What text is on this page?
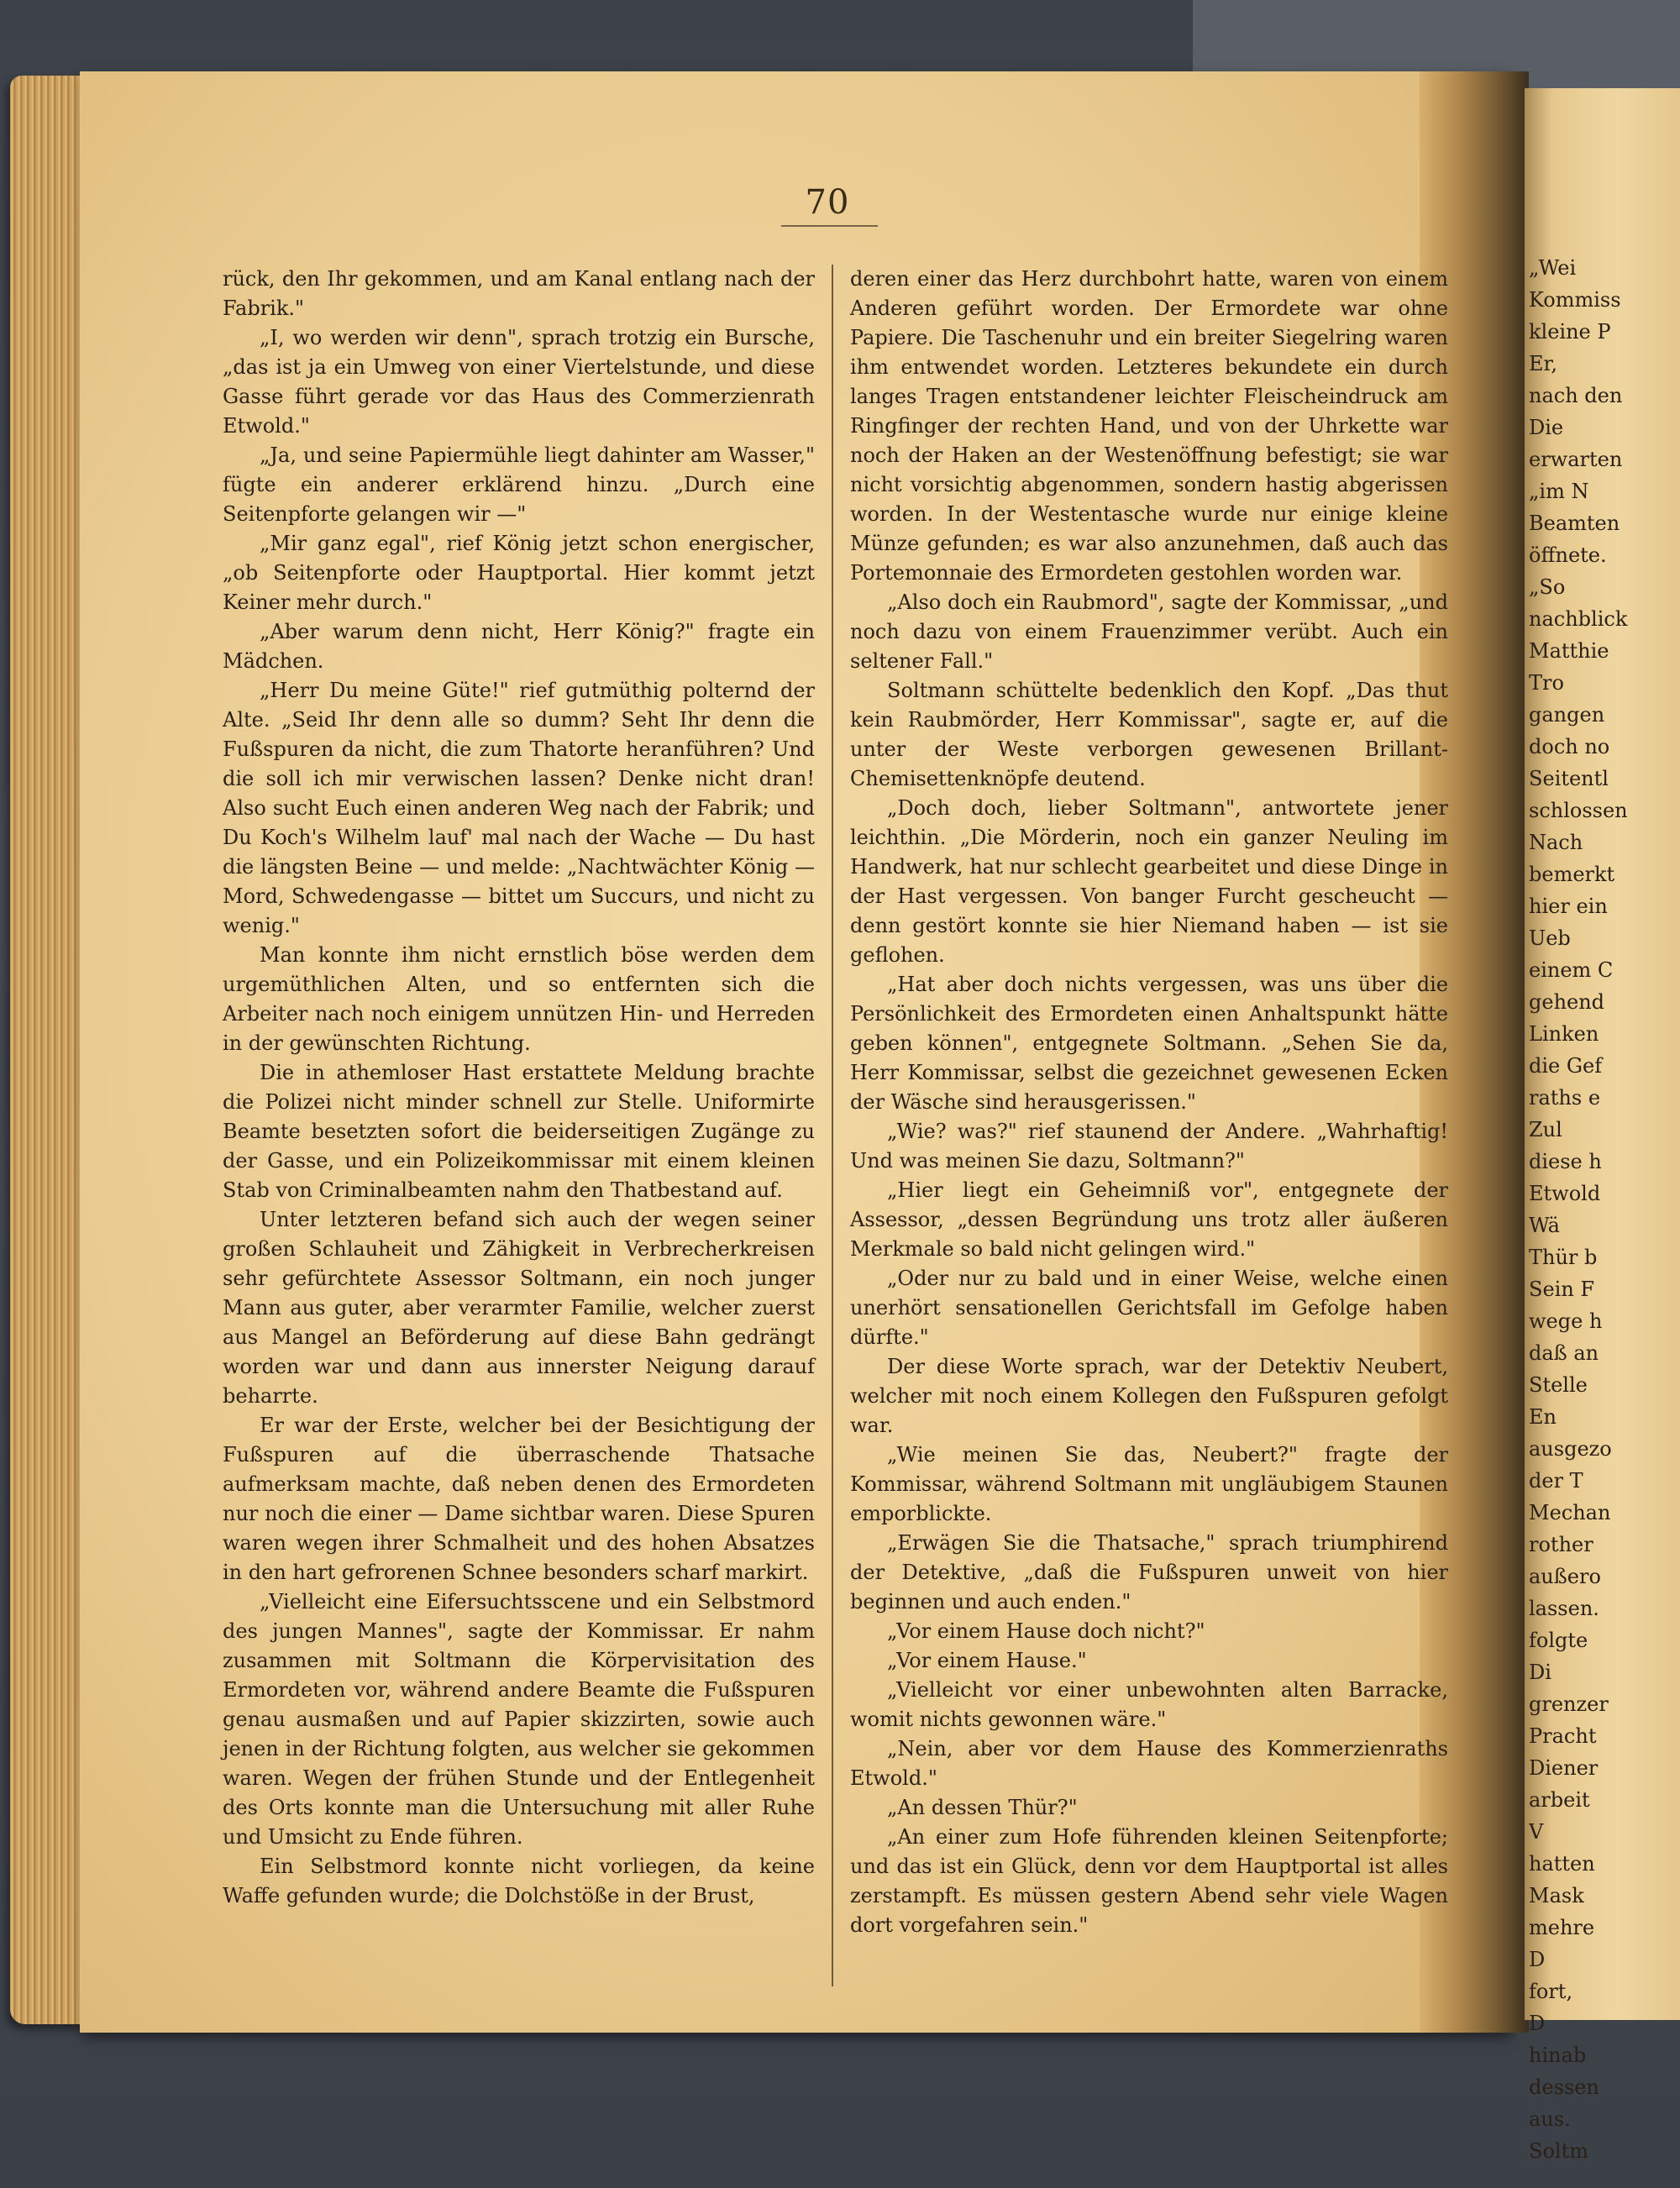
70

rück, den Ihr gekommen, und am Kanal entlang nach der Fabrik."

„I, wo werden wir denn", sprach trotzig ein Bursche, „das ist ja ein Umweg von einer Viertelstunde, und diese Gasse führt gerade vor das Haus des Commerzienrath Etwold."

„Ja, und seine Papiermühle liegt dahinter am Wasser," fügte ein anderer erklärend hinzu. „Durch eine Seitenpforte gelangen wir —"

„Mir ganz egal", rief König jetzt schon energischer, „ob Seitenpforte oder Hauptportal. Hier kommt jetzt Keiner mehr durch."

„Aber warum denn nicht, Herr König?" fragte ein Mädchen.

„Herr Du meine Güte!" rief gutmüthig polternd der Alte. „Seid Ihr denn alle so dumm? Seht Ihr denn die Fußspuren da nicht, die zum Thatorte heranführen? Und die soll ich mir verwischen lassen? Denke nicht dran! Also sucht Euch einen anderen Weg nach der Fabrik; und Du Koch's Wilhelm lauf' mal nach der Wache — Du hast die längsten Beine — und melde: „Nachtwächter König — Mord, Schwedengasse — bittet um Succurs, und nicht zu wenig."

Man konnte ihm nicht ernstlich böse werden dem urgemüthlichen Alten, und so entfernten sich die Arbeiter nach noch einigem unnützen Hin- und Herreden in der gewünschten Richtung.

Die in athemloser Hast erstattete Meldung brachte die Polizei nicht minder schnell zur Stelle. Uniformirte Beamte besetzten sofort die beiderseitigen Zugänge zu der Gasse, und ein Polizeikommissar mit einem kleinen Stab von Criminalbeamten nahm den Thatbestand auf.

Unter letzteren befand sich auch der wegen seiner großen Schlauheit und Zähigkeit in Verbrecherkreisen sehr gefürchtete Assessor Soltmann, ein noch junger Mann aus guter, aber verarmter Familie, welcher zuerst aus Mangel an Beförderung auf diese Bahn gedrängt worden war und dann aus innerster Neigung darauf beharrte.

Er war der Erste, welcher bei der Besichtigung der Fußspuren auf die überraschende Thatsache aufmerksam machte, daß neben denen des Ermordeten nur noch die einer — Dame sichtbar waren. Diese Spuren waren wegen ihrer Schmalheit und des hohen Absatzes in den hart gefrorenen Schnee besonders scharf markirt.

„Vielleicht eine Eifersuchtsscene und ein Selbstmord des jungen Mannes", sagte der Kommissar. Er nahm zusammen mit Soltmann die Körpervisitation des Ermordeten vor, während andere Beamte die Fußspuren genau ausmaßen und auf Papier skizzirten, sowie auch jenen in der Richtung folgten, aus welcher sie gekommen waren. Wegen der frühen Stunde und der Entlegenheit des Orts konnte man die Untersuchung mit aller Ruhe und Umsicht zu Ende führen.

Ein Selbstmord konnte nicht vorliegen, da keine Waffe gefunden wurde; die Dolchstöße in der Brust,

deren einer das Herz durchbohrt hatte, waren von einem Anderen geführt worden. Der Ermordete war ohne Papiere. Die Taschenuhr und ein breiter Siegelring waren ihm entwendet worden. Letzteres bekundete ein durch langes Tragen entstandener leichter Fleischeindruck am Ringfinger der rechten Hand, und von der Uhrkette war noch der Haken an der Westenöffnung befestigt; sie war nicht vorsichtig abgenommen, sondern hastig abgerissen worden. In der Westentasche wurde nur einige kleine Münze gefunden; es war also anzunehmen, daß auch das Portemonnaie des Ermordeten gestohlen worden war.

„Also doch ein Raubmord", sagte der Kommissar, „und noch dazu von einem Frauenzimmer verübt. Auch ein seltener Fall."

Soltmann schüttelte bedenklich den Kopf. „Das thut kein Raubmörder, Herr Kommissar", sagte er, auf die unter der Weste verborgen gewesenen Brillant-Chemisettenknöpfe deutend.

„Doch doch, lieber Soltmann", antwortete jener leichthin. „Die Mörderin, noch ein ganzer Neuling im Handwerk, hat nur schlecht gearbeitet und diese Dinge in der Hast vergessen. Von banger Furcht gescheucht — denn gestört konnte sie hier Niemand haben — ist sie geflohen.

„Hat aber doch nichts vergessen, was uns über die Persönlichkeit des Ermordeten einen Anhaltspunkt hätte geben können", entgegnete Soltmann. „Sehen Sie da, Herr Kommissar, selbst die gezeichnet gewesenen Ecken der Wäsche sind herausgerissen."

„Wie? was?" rief staunend der Andere. „Wahrhaftig! Und was meinen Sie dazu, Soltmann?"

„Hier liegt ein Geheimniß vor", entgegnete der Assessor, „dessen Begründung uns trotz aller äußeren Merkmale so bald nicht gelingen wird."

„Oder nur zu bald und in einer Weise, welche einen unerhört sensationellen Gerichtsfall im Gefolge haben dürfte."

Der diese Worte sprach, war der Detektiv Neubert, welcher mit noch einem Kollegen den Fußspuren gefolgt war.

„Wie meinen Sie das, Neubert?" fragte der Kommissar, während Soltmann mit ungläubigem Staunen emporblickte.

„Erwägen Sie die Thatsache," sprach triumphirend der Detektive, „daß die Fußspuren unweit von hier beginnen und auch enden."

„Vor einem Hause doch nicht?"

„Vor einem Hause."

„Vielleicht vor einer unbewohnten alten Barracke, womit nichts gewonnen wäre."

„Nein, aber vor dem Hause des Kommerzienraths Etwold."

„An dessen Thür?"

„An einer zum Hofe führenden kleinen Seitenpforte; und das ist ein Glück, denn vor dem Hauptportal ist alles zerstampft. Es müssen gestern Abend sehr viele Wagen dort vorgefahren sein."

„Wei

Kommiss

kleine P

Er,

nach den

Die

erwarten

„im N

Beamten

öffnete.

„So

nachblick

Matthie

Tro

gangen

doch no

Seitentl

schlossen

Nach

bemerkt

hier ein

Ueb

einem C

gehend

Linken

die Gef

raths e

Zul

diese h

Etwold

Wä

Thür b

Sein F

wege h

daß an

Stelle

En

ausgezo

der T

Mechan

rother

außero

lassen.

folgte

Di

grenzer

Pracht

Diener

arbeit

V

hatten

Mask

mehre

D

fort,

D

hinab

dessen

aus.

Soltm
